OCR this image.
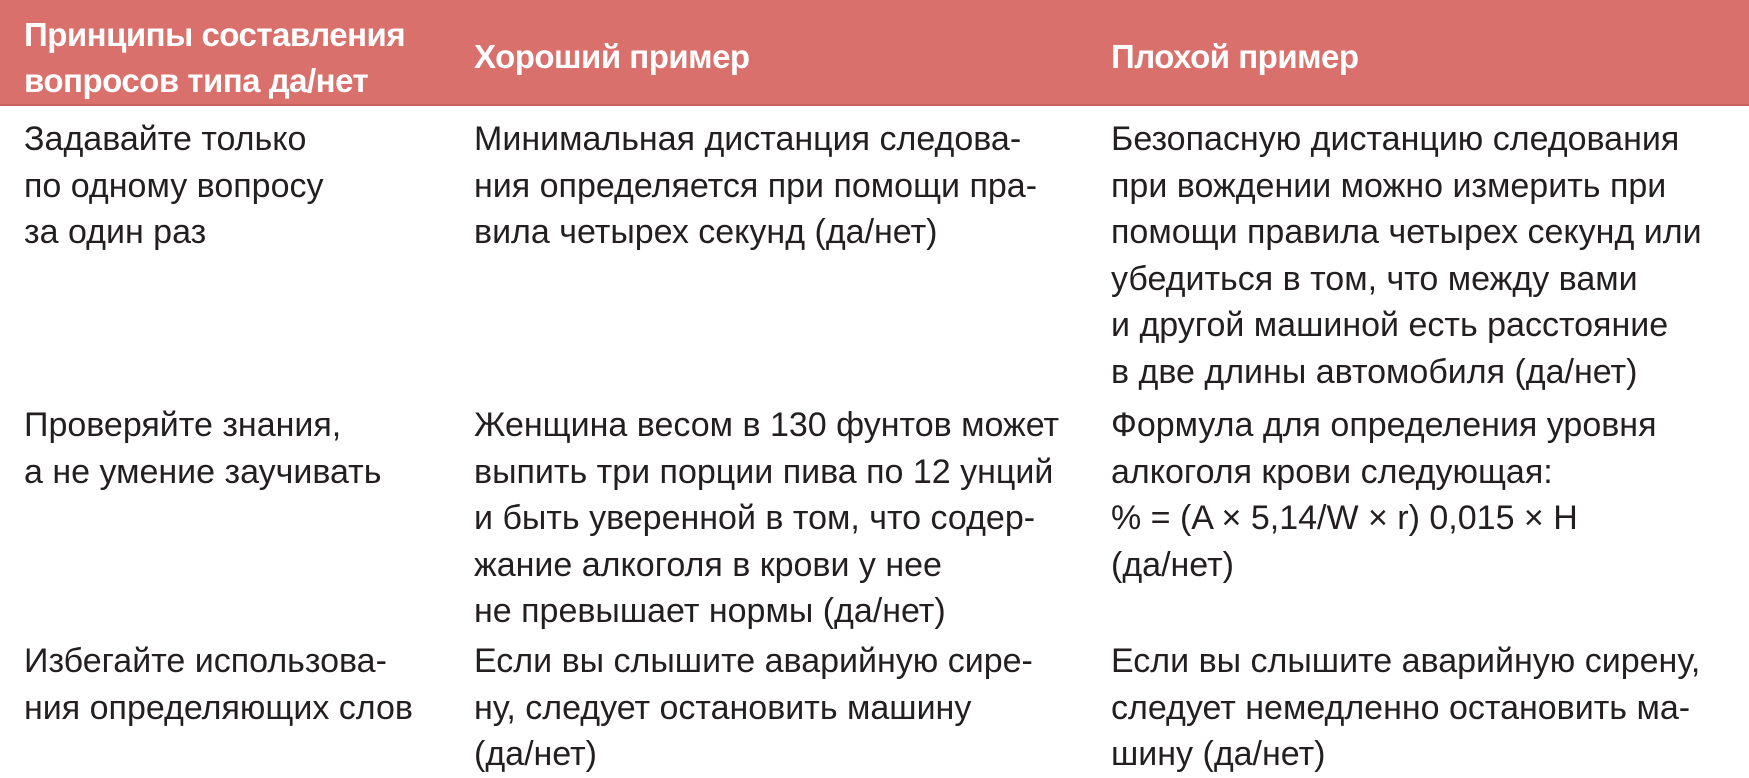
Принципы составления
вопросов типа да/нет
Хороший пример	Плохой пример
Задавайте только
по одному вопросу
за один раз
Минимальная дистанция следова-
ния определяется при помощи пра-
вила четырех секунд (да/нет)
Безопасную дистанцию следования
при вождении можно измерить при
помощи правила четырех секунд или
убедиться в том, что между вами
и другой машиной есть расстояние
в две длины автомобиля (да/нет)
Проверяйте знания,
а не умение заучивать
Женщина весом в 130 фунтов может
выпить три порции пива по 12 унций
и быть уверенной в том, что содер-
жание алкоголя в крови у нее
не превышает нормы (да/нет)
Формула для определения уровня
алкоголя крови следующая:
% = (A × 5,14/W × r) 0,015 × H
(да/нет)
Избегайте использова-
ния определяющих слов
Если вы слышите аварийную сире-
ну, следует остановить машину
(да/нет)
Если вы слышите аварийную сирену,
следует немедленно остановить ма-
шину (да/нет)
